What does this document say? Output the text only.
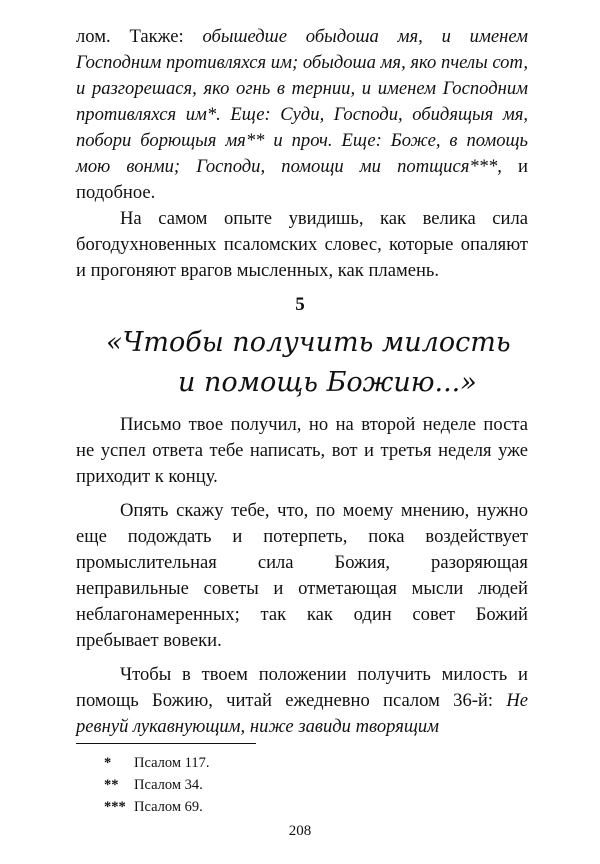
лом. Также: обышедше обыдоша мя, и именем Господним противляхся им; обыдоша мя, яко пчелы сот, и разгорешася, яко огнь в тернии, и именем Господним противляхся им*. Еще: Суди, Господи, обидящыя мя, побори борющыя мя** и проч. Еще: Боже, в помощь мою вонми; Господи, помощи ми потщися***, и подобное.

На самом опыте увидишь, как велика сила богодухновенных псаломских словес, которые опаляют и прогоняют врагов мысленных, как пламень.

5
«Чтобы получить милость
и помощь Божию...»

Письмо твое получил, но на второй неделе поста не успел ответа тебе написать, вот и третья неделя уже приходит к концу.

Опять скажу тебе, что, по моему мнению, нужно еще подождать и потерпеть, пока воздействует промыслительная сила Божия, разоряющая неправильные советы и отметающая мысли людей неблагонамеренных; так как один совет Божий пребывает вовеки.

Чтобы в твоем положении получить милость и помощь Божию, читай ежедневно псалом 36-й: Не ревнуй лукавнующим, ниже завиди творящим

* Псалом 117.
** Псалом 34.
*** Псалом 69.
208
